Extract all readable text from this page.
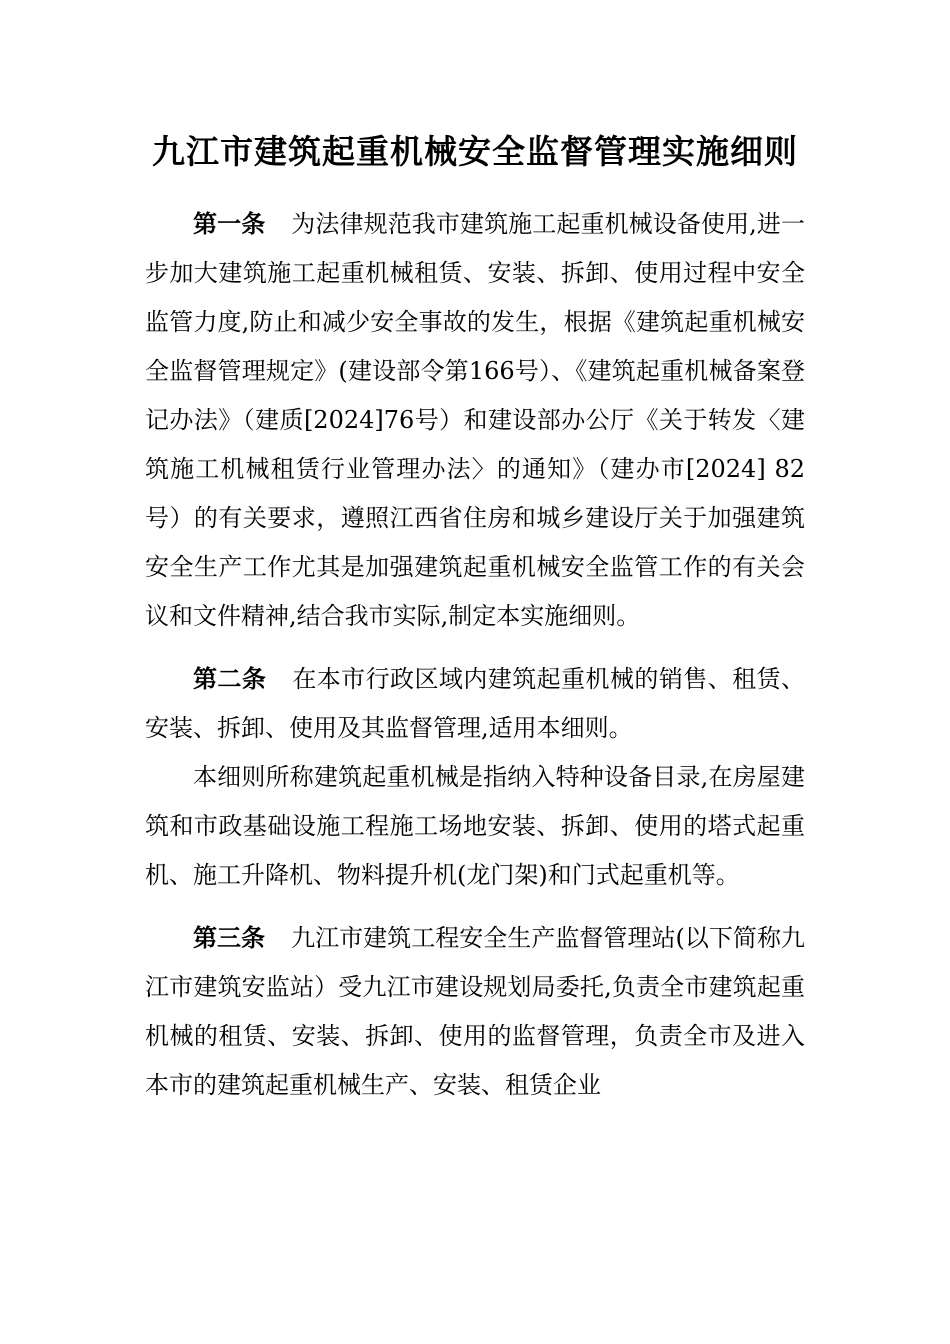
九江市建筑起重机械安全监督管理实施细则

第一条 为法律规范我市建筑施工起重机械设备使用,进一步加大建筑施工起重机械租赁、安装、拆卸、使用过程中安全监管力度,防止和减少安全事故的发生，根据《建筑起重机械安全监督管理规定》(建设部令第166号）、《建筑起重机械备案登记办法》（建质[2024]76号）和建设部办公厅《关于转发〈建筑施工机械租赁行业管理办法〉的通知》（建办市[2024] 82号）的有关要求，遵照江西省住房和城乡建设厅关于加强建筑安全生产工作尤其是加强建筑起重机械安全监管工作的有关会议和文件精神,结合我市实际,制定本实施细则。

第二条 在本市行政区域内建筑起重机械的销售、租赁、安装、拆卸、使用及其监督管理,适用本细则。

本细则所称建筑起重机械是指纳入特种设备目录,在房屋建筑和市政基础设施工程施工场地安装、拆卸、使用的塔式起重机、施工升降机、物料提升机(龙门架)和门式起重机等。

第三条 九江市建筑工程安全生产监督管理站(以下简称九江市建筑安监站）受九江市建设规划局委托,负责全市建筑起重机械的租赁、安装、拆卸、使用的监督管理，负责全市及进入本市的建筑起重机械生产、安装、租赁企业
